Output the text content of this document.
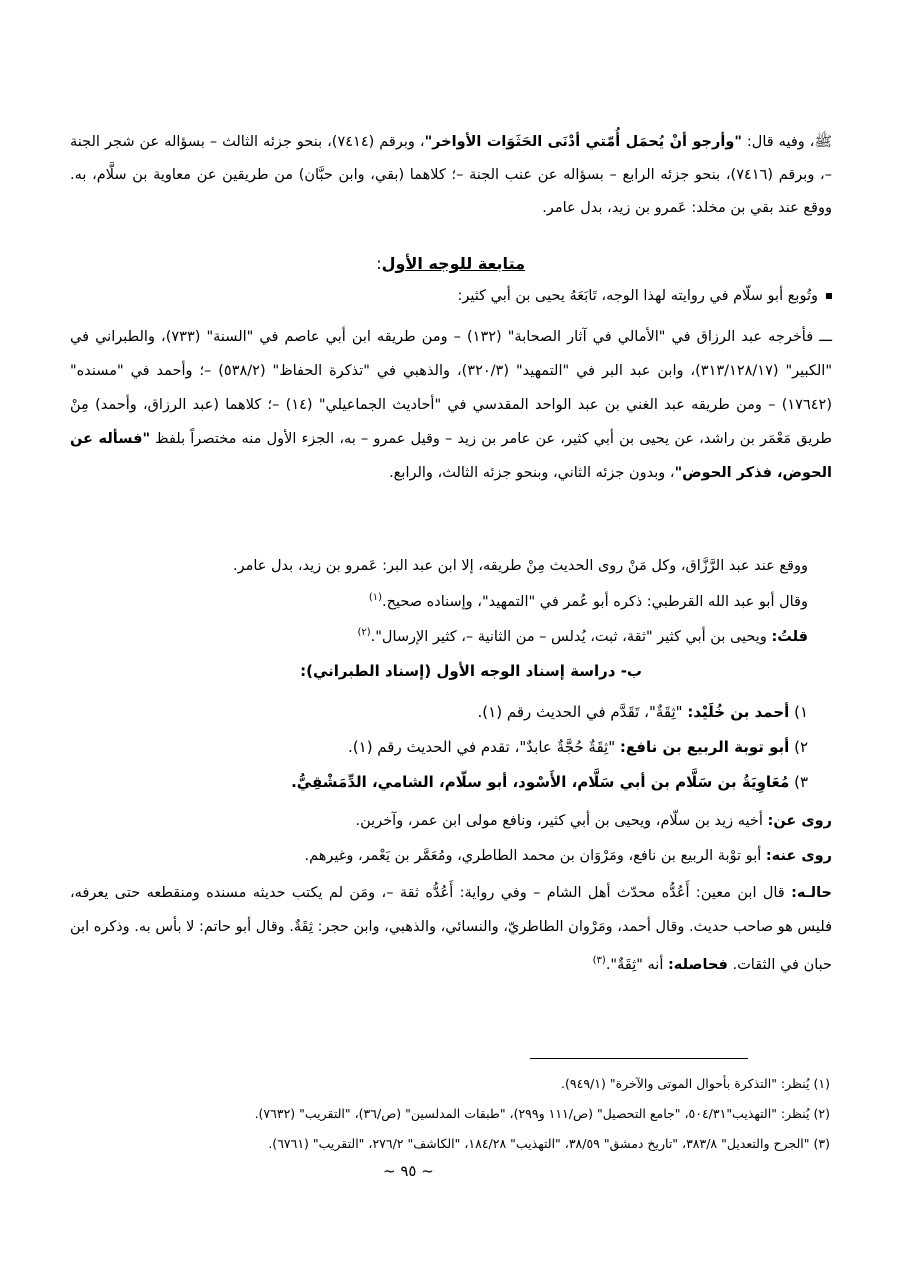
ﷺ، وفيه قال: "وأرجو أنْ يُحمَل أُمّتي أدْنَى الحَثَوَات الأواخر"، وبرقم (٧٤١٤)، بنحو جزئه الثالث – بسؤاله عن شجر الجنة –، وبرقم (٧٤١٦)، بنحو جزئه الرابع – بسؤاله عن عنب الجنة –؛ كلاهما (بقي، وابن حبَّان) من طريقين عن معاوية بن سلَّام، به. ووقع عند بقي بن مخلد: عَمرو بن زيد، بدل عامر.
متابعة للوجه الأول:
وتُوبع أبو سلّام في روايته لهذا الوجه، تَابَعَهُ يحيى بن أبي كثير:
ـــ فأخرجه عبد الرزاق في "الأمالي في آثار الصحابة" (١٣٢) – ومن طريقه ابن أبي عاصم في "السنة" (٧٣٣)، والطبراني في "الكبير" (٣١٣/١٢٨/١٧)، وابن عبد البر في "التمهيد" (٣٢٠/٣)، والذهبي في "تذكرة الحفاظ" (٥٣٨/٢) –؛ وأحمد في "مسنده" (١٧٦٤٢) – ومن طريقه عبد الغني بن عبد الواحد المقدسي في "أحاديث الجماعيلي" (١٤) –؛ كلاهما (عبد الرزاق، وأحمد) مِنْ طريق مَعْمَر بن راشد، عن يحيى بن أبي كثير، عن عامر بن زيد – وقيل عمرو – به، الجزء الأول منه مختصراً بلفظ "فسأله عن الحوض، فذكر الحوض"، وبدون جزئه الثاني، وبنحو جزئه الثالث، والرابع.
ووقع عند عبد الرَّزَّاق، وكل مَنْ روى الحديث مِنْ طريقه، إلا ابن عبد البر: عَمرو بن زيد، بدل عامر.
وقال أبو عبد الله القرطبي: ذكره أبو عُمر في "التمهيد"، وإسناده صحيح.$^{(١)}$
قلتُ: ويحيى بن أبي كثير "ثقة، ثبت، يُدلس – من الثانية –، كثير الإرسال".$^{(٢)}$
ب- دراسة إسناد الوجه الأول (إسناد الطبراني):
١) أحمد بن خُلَيْد: "ثِقَةٌ"، تَقَدَّم في الحديث رقم (١).
٢) أبو توبة الربيع بن نافع: "ثِقَةٌ حُجَّةٌ عابدٌ"، تقدم في الحديث رقم (١).
٣) مُعَاوِيَةُ بن سَلَّام بن أبي سَلَّام، الأَسْود، أبو سلّام، الشامي، الدِّمَشْقِيُّ.
روى عن: أخيه زيد بن سلّام، ويحيى بن أبي كثير، ونافع مولى ابن عمر، وآخرين.
روى عنه: أبو توْبة الربيع بن نافع، ومَرْوَان بن محمد الطاطري، ومُعَمَّر بن يَعْمر، وغيرهم.
حالـه: قال ابن معين: أَعُدُّه محدّث أهل الشام – وفي رواية: أَعُدُّه ثقة –، ومَن لم يكتب حديثه مسنده ومنقطعه حتى يعرفه، فليس هو صاحب حديث. وقال أحمد، ومَرْوان الطاطريّ، والنسائي، والذهبي، وابن حجر: ثِقَةٌ. وقال أبو حاتم: لا بأس به. وذكره ابن حبان في الثقات. فحاصله: أنه "ثِقَةٌ".$^{(٣)}$
(١) يُنظر: "التذكرة بأحوال الموتى والآخرة" (٩٤٩/١).
(٢) يُنظر: "التهذيب"٥٠٤/٣١، "جامع التحصيل" (ص/١١١ و٢٩٩)، "طبقات المدلسين" (ص/٣٦)، "التقريب" (٧٦٣٢).
(٣) "الجرح والتعديل" ٣٨٣/٨، "تاريخ دمشق" ٣٨/٥٩، "التهذيب" ١٨٤/٢٨، "الكاشف" ٢٧٦/٢، "التقريب" (٦٧٦١).
~ ٩٥ ~
